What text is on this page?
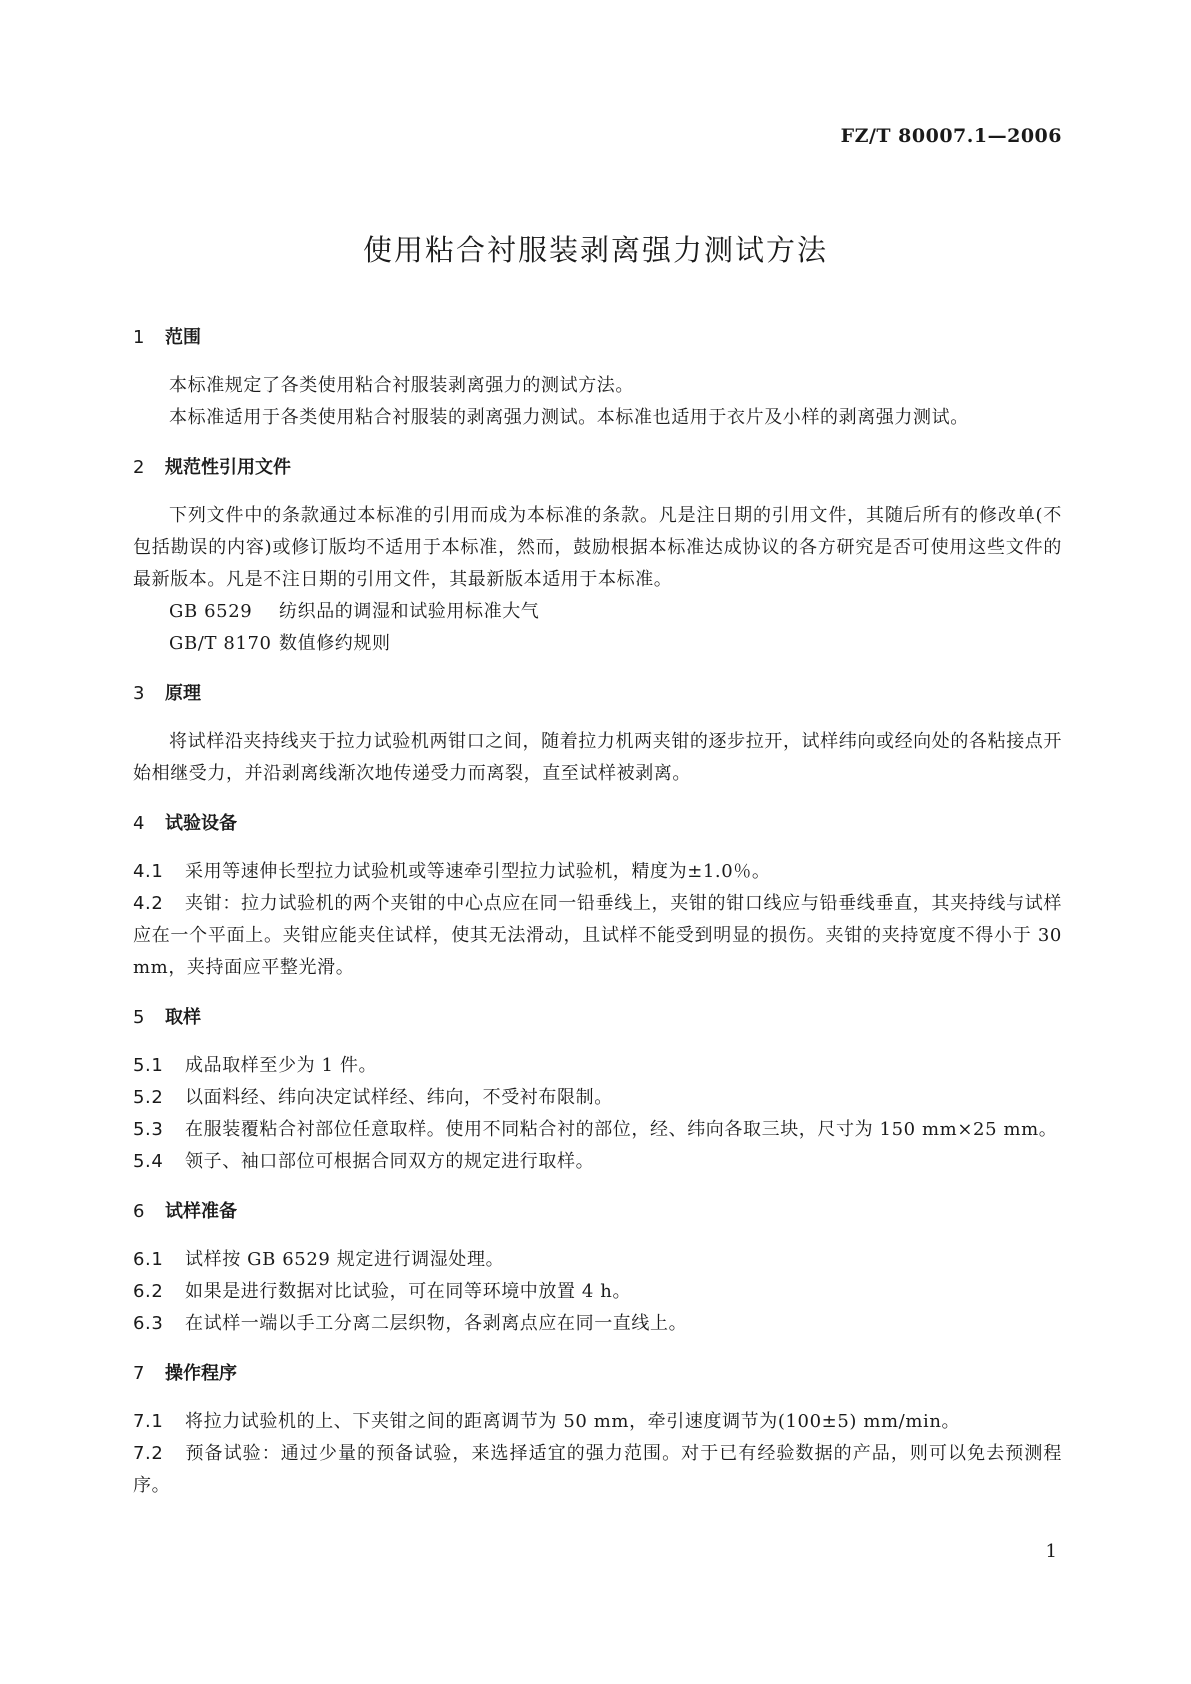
FZ/T 80007.1—2006
使用粘合衬服装剥离强力测试方法
1 范围

本标准规定了各类使用粘合衬服装剥离强力的测试方法。

本标准适用于各类使用粘合衬服装的剥离强力测试。本标准也适用于衣片及小样的剥离强力测试。

2 规范性引用文件

下列文件中的条款通过本标准的引用而成为本标准的条款。凡是注日期的引用文件，其随后所有的修改单(不包括勘误的内容)或修订版均不适用于本标准，然而，鼓励根据本标准达成协议的各方研究是否可使用这些文件的最新版本。凡是不注日期的引用文件，其最新版本适用于本标准。

GB 6529 纺织品的调湿和试验用标准大气

GB/T 8170 数值修约规则

3 原理

将试样沿夹持线夹于拉力试验机两钳口之间，随着拉力机两夹钳的逐步拉开，试样纬向或经向处的各粘接点开始相继受力，并沿剥离线渐次地传递受力而离裂，直至试样被剥离。

4 试验设备

4.1 采用等速伸长型拉力试验机或等速牵引型拉力试验机，精度为±1.0％。

4.2 夹钳：拉力试验机的两个夹钳的中心点应在同一铅垂线上，夹钳的钳口线应与铅垂线垂直，其夹持线与试样应在一个平面上。夹钳应能夹住试样，使其无法滑动，且试样不能受到明显的损伤。夹钳的夹持宽度不得小于 30 mm，夹持面应平整光滑。

5 取样

5.1 成品取样至少为 1 件。

5.2 以面料经、纬向决定试样经、纬向，不受衬布限制。

5.3 在服装覆粘合衬部位任意取样。使用不同粘合衬的部位，经、纬向各取三块，尺寸为 150 mm×25 mm。

5.4 领子、袖口部位可根据合同双方的规定进行取样。

6 试样准备

6.1 试样按 GB 6529 规定进行调湿处理。

6.2 如果是进行数据对比试验，可在同等环境中放置 4 h。

6.3 在试样一端以手工分离二层织物，各剥离点应在同一直线上。

7 操作程序

7.1 将拉力试验机的上、下夹钳之间的距离调节为 50 mm，牵引速度调节为(100±5) mm/min。

7.2 预备试验：通过少量的预备试验，来选择适宜的强力范围。对于已有经验数据的产品，则可以免去预测程序。

1
